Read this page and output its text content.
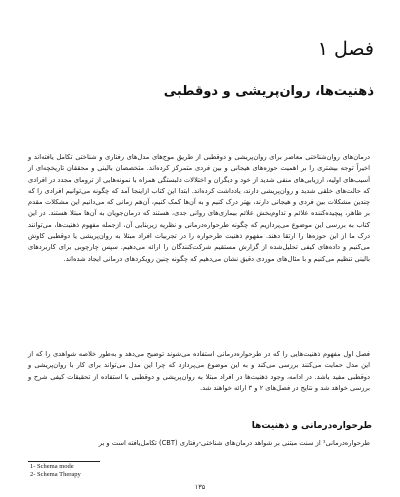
فصل ۱
ذهنیت‌ها، روان‌پریشی و دوقطبی

درمان‌های روان‌شناختی معاصر برای روان‌پریشی و دوقطبی از طریق موج‌های مدل‌های رفتاری و شناختی تکامل یافته‌اند و اخیراً توجه بیشتری را بر اهمیت حوزه‌های هیجانی و بین فردی متمرکز کرده‌اند. متخصصان بالینی و محققان تاریخچه‌ای از آسیب‌های اولیه، ارزیابی‌های منفی شدید از خود و دیگران و اختلالات دلبستگی همراه با نمونه‌هایی از ترومای مجدد در افرادی که حالت‌های خلقی شدید و روان‌پریشی دارند، یادداشت کرده‌اند. ابتدا این کتاب ازاینجا آمد که چگونه می‌توانیم افرادی را که چندین مشکلات بین فردی و هیجانی دارند، بهتر درک کنیم و به آن‌ها کمک کنیم، آن‌هم زمانی که می‌دانیم این مشکلات مقدم بر ظاهر، پیچیده‌کننده علائم و تداوم‌بخش علائم بیماری‌های روانی جدی، هستند که درمان‌جویان به آن‌ها مبتلا هستند. در این کتاب به بررسی این موضوع می‌پردازیم که چگونه طرحواره‌درمانی و نظریه زیربنایی آن، ازجمله مفهوم ذهنیت‌ها، می‌توانند درک ما از این حوزه‌ها را ارتقا دهند. مفهوم ذهنیت طرحواره را در تجربیات افراد مبتلا به روان‌پریشی یا دوقطبی کاوش می‌کنیم و داده‌های کیفی تحلیل‌شده از گزارش مستقیم شرکت‌کنندگان را ارائه می‌دهیم. سپس چارچوبی برای کاربردهای بالینی تنظیم می‌کنیم و با مثال‌های موردی دقیق نشان می‌دهیم که چگونه چنین رویکردهای درمانی ایجاد شده‌اند.

فصل اول مفهوم ذهنیت‌هایی را که در طرحواره‌درمانی استفاده می‌شوند توضیح می‌دهد و به‌طور خلاصه شواهدی را که از این مدل حمایت می‌کنند بررسی می‌کند و به این موضوع می‌پردازد که چرا این مدل می‌تواند برای کار با روان‌پریشی و دوقطبی مفید باشد. در ادامه، وجود ذهنیت‌ها در افراد مبتلا به روان‌پریشی و دوقطبی با استفاده از تحقیقات کیفی شرح و بررسی خواهد شد و نتایج در فصل‌های ۲ و ۳ ارائه خواهند شد.

طرحواره‌درمانی و ذهنیت‌ها

طرحواره‌درمانی¹ از سنت مبتنی بر شواهد درمان‌های شناختی-رفتاری (CBT) تکامل‌یافته است و بر

1- Schema mode
2- Schema Therapy
۱۳۵
